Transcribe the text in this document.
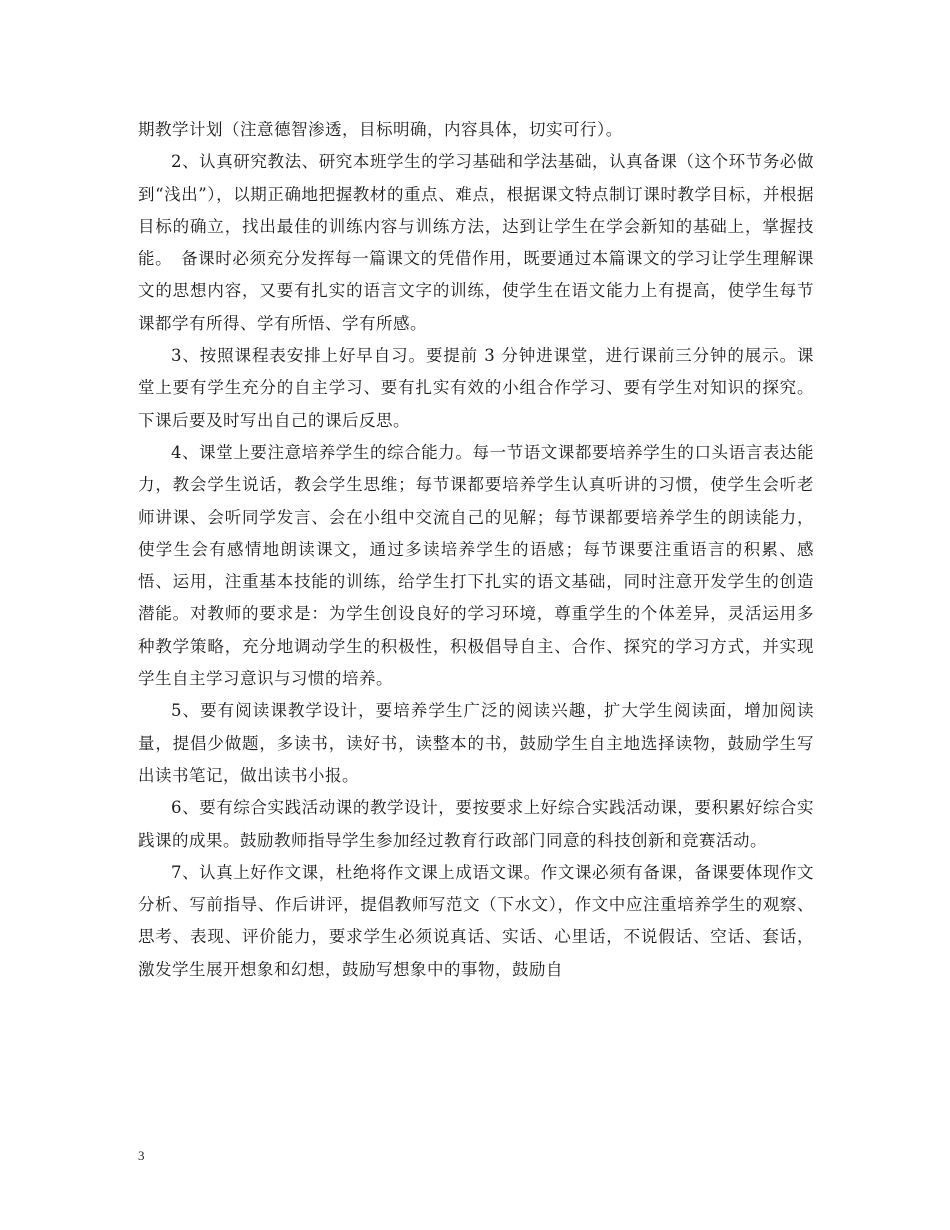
期教学计划（注意德智渗透，目标明确，内容具体，切实可行）。

2、认真研究教法、研究本班学生的学习基础和学法基础，认真备课（这个环节务必做到“浅出”），以期正确地把握教材的重点、难点，根据课文特点制订课时教学目标，并根据目标的确立，找出最佳的训练内容与训练方法，达到让学生在学会新知的基础上，掌握技能。　备课时必须充分发挥每一篇课文的凭借作用，既要通过本篇课文的学习让学生理解课文的思想内容，又要有扎实的语言文字的训练，使学生在语文能力上有提高，使学生每节课都学有所得、学有所悟、学有所感。

3、按照课程表安排上好早自习。要提前 3 分钟进课堂，进行课前三分钟的展示。课堂上要有学生充分的自主学习、要有扎实有效的小组合作学习、要有学生对知识的探究。下课后要及时写出自己的课后反思。

4、课堂上要注意培养学生的综合能力。每一节语文课都要培养学生的口头语言表达能力，教会学生说话，教会学生思维；每节课都要培养学生认真听讲的习惯，使学生会听老师讲课、会听同学发言、会在小组中交流自己的见解；每节课都要培养学生的朗读能力，使学生会有感情地朗读课文，通过多读培养学生的语感；每节课要注重语言的积累、感悟、运用，注重基本技能的训练，给学生打下扎实的语文基础，同时注意开发学生的创造潜能。对教师的要求是：为学生创设良好的学习环境，尊重学生的个体差异，灵活运用多种教学策略，充分地调动学生的积极性，积极倡导自主、合作、探究的学习方式，并实现学生自主学习意识与习惯的培养。

5、要有阅读课教学设计，要培养学生广泛的阅读兴趣，扩大学生阅读面，增加阅读量，提倡少做题，多读书，读好书，读整本的书，鼓励学生自主地选择读物，鼓励学生写出读书笔记，做出读书小报。

6、要有综合实践活动课的教学设计，要按要求上好综合实践活动课，要积累好综合实践课的成果。鼓励教师指导学生参加经过教育行政部门同意的科技创新和竞赛活动。

7、认真上好作文课，杜绝将作文课上成语文课。作文课必须有备课，备课要体现作文分析、写前指导、作后讲评，提倡教师写范文（下水文），作文中应注重培养学生的观察、思考、表现、评价能力，要求学生必须说真话、实话、心里话，不说假话、空话、套话，激发学生展开想象和幻想，鼓励写想象中的事物，鼓励自

3
